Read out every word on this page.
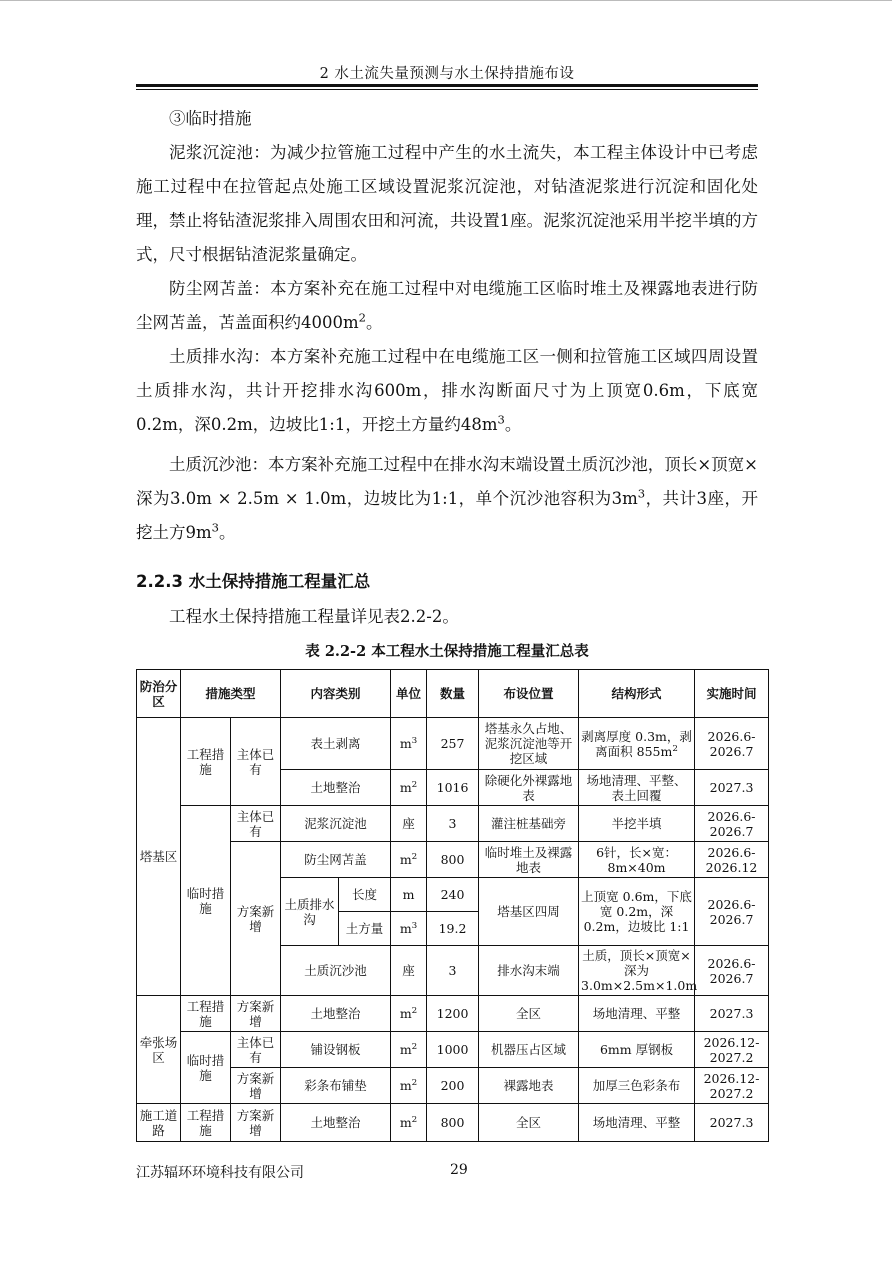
2 水土流失量预测与水土保持措施布设

③临时措施

泥浆沉淀池：为减少拉管施工过程中产生的水土流失，本工程主体设计中已考虑施工过程中在拉管起点处施工区域设置泥浆沉淀池，对钻渣泥浆进行沉淀和固化处理，禁止将钻渣泥浆排入周围农田和河流，共设置1座。泥浆沉淀池采用半挖半填的方式，尺寸根据钻渣泥浆量确定。

防尘网苫盖：本方案补充在施工过程中对电缆施工区临时堆土及裸露地表进行防尘网苫盖，苫盖面积约$4000m^2$。

土质排水沟：本方案补充施工过程中在电缆施工区一侧和拉管施工区域四周设置土质排水沟，共计开挖排水沟600m，排水沟断面尺寸为上顶宽0.6m，下底宽0.2m，深0.2m，边坡比1:1，开挖土方量约$48m^3$。

土质沉沙池：本方案补充施工过程中在排水沟末端设置土质沉沙池，顶长×顶宽×深为3.0m × 2.5m × 1.0m，边坡比为1:1，单个沉沙池容积为$3m^3$，共计3座，开挖土方$9m^3$。

2.2.3 水土保持措施工程量汇总
工程水土保持措施工程量详见表2.2-2。
表 2.2-2 本工程水土保持措施工程量汇总表
防治分区	措施类型		内容类别		单位	数量	布设位置	结构形式	实施时间
塔基区	工程措施	主体已有	表土剥离		$m^3$	257	塔基永久占地、泥浆沉淀池等开挖区域	剥离厚度 0.3m，剥离面积 $855m^2$	2026.6-2026.7
			土地整治		$m^2$	1016	除硬化外裸露地表	场地清理、平整、表土回覆	2027.3
	临时措施	主体已有	泥浆沉淀池		座	3	灌注桩基础旁	半挖半填	2026.6-2026.7
		方案新增	防尘网苫盖		$m^2$	800	临时堆土及裸露地表	6针，长×宽：8m×40m	2026.6-2026.12
			土质排水沟	长度	m	240	塔基区四周	上顶宽 0.6m，下底宽 0.2m，深 0.2m，边坡比 1:1	2026.6-2026.7
				土方量	$m^3$	19.2			
			土质沉沙池		座	3	排水沟末端	土质，顶长×顶宽×深为 3.0m×2.5m×1.0m	2026.6-2026.7
牵张场区	工程措施	方案新增	土地整治		$m^2$	1200	全区	场地清理、平整	2027.3
	临时措施	主体已有	铺设钢板		$m^2$	1000	机器压占区域	6mm 厚钢板	2026.12-2027.2
		方案新增	彩条布铺垫		$m^2$	200	裸露地表	加厚三色彩条布	2026.12-2027.2
施工道路	工程措施	方案新增	土地整治		$m^2$	800	全区	场地清理、平整	2027.3
江苏辐环环境科技有限公司	29
